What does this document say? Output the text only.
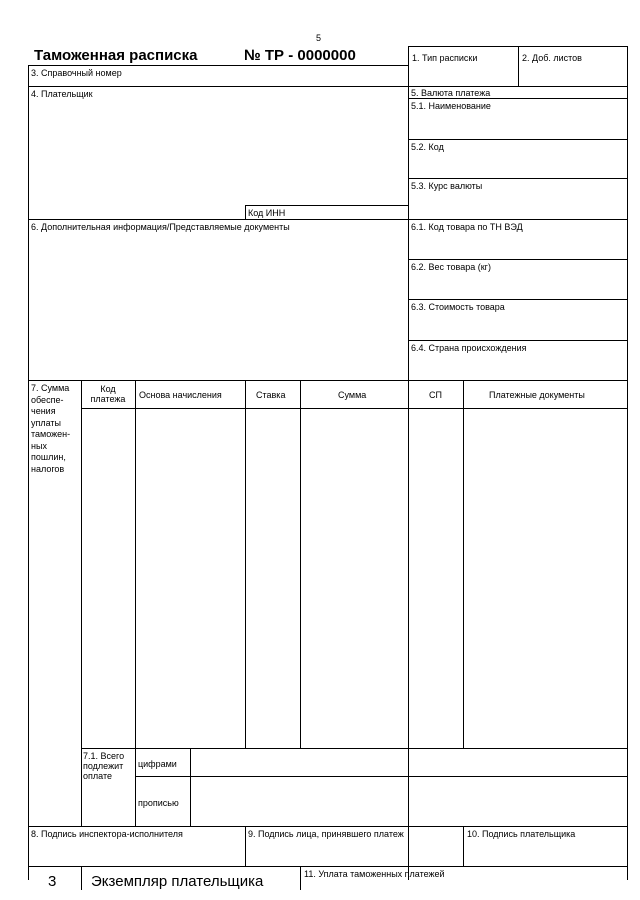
5
Таможенная расписка	№ ТР - 0000000	1. Тип расписки	2. Доб. листов
3. Справочный номер
4. Плательщик	5. Валюта платежа
5.1. Наименование
5.2. Код
5.3. Курс валюты
Код ИНН
6. Дополнительная информация/Представляемые документы	6.1. Код товара по ТН ВЭД
6.2. Вес товара (кг)
6.3. Стоимость товара
6.4. Страна происхождения
7. Сумма обеспе-чения уплаты таможен-ных пошлин, налогов
Код платежа	Основа начисления	Ставка	Сумма	СП	Платежные документы
7.1. Всего подлежит оплате
цифрами
прописью
8. Подпись инспектора-исполнителя	9. Подпись лица, принявшего платеж	10. Подпись плательщика
3 Экземпляр плательщика	11. Уплата таможенных платежей
